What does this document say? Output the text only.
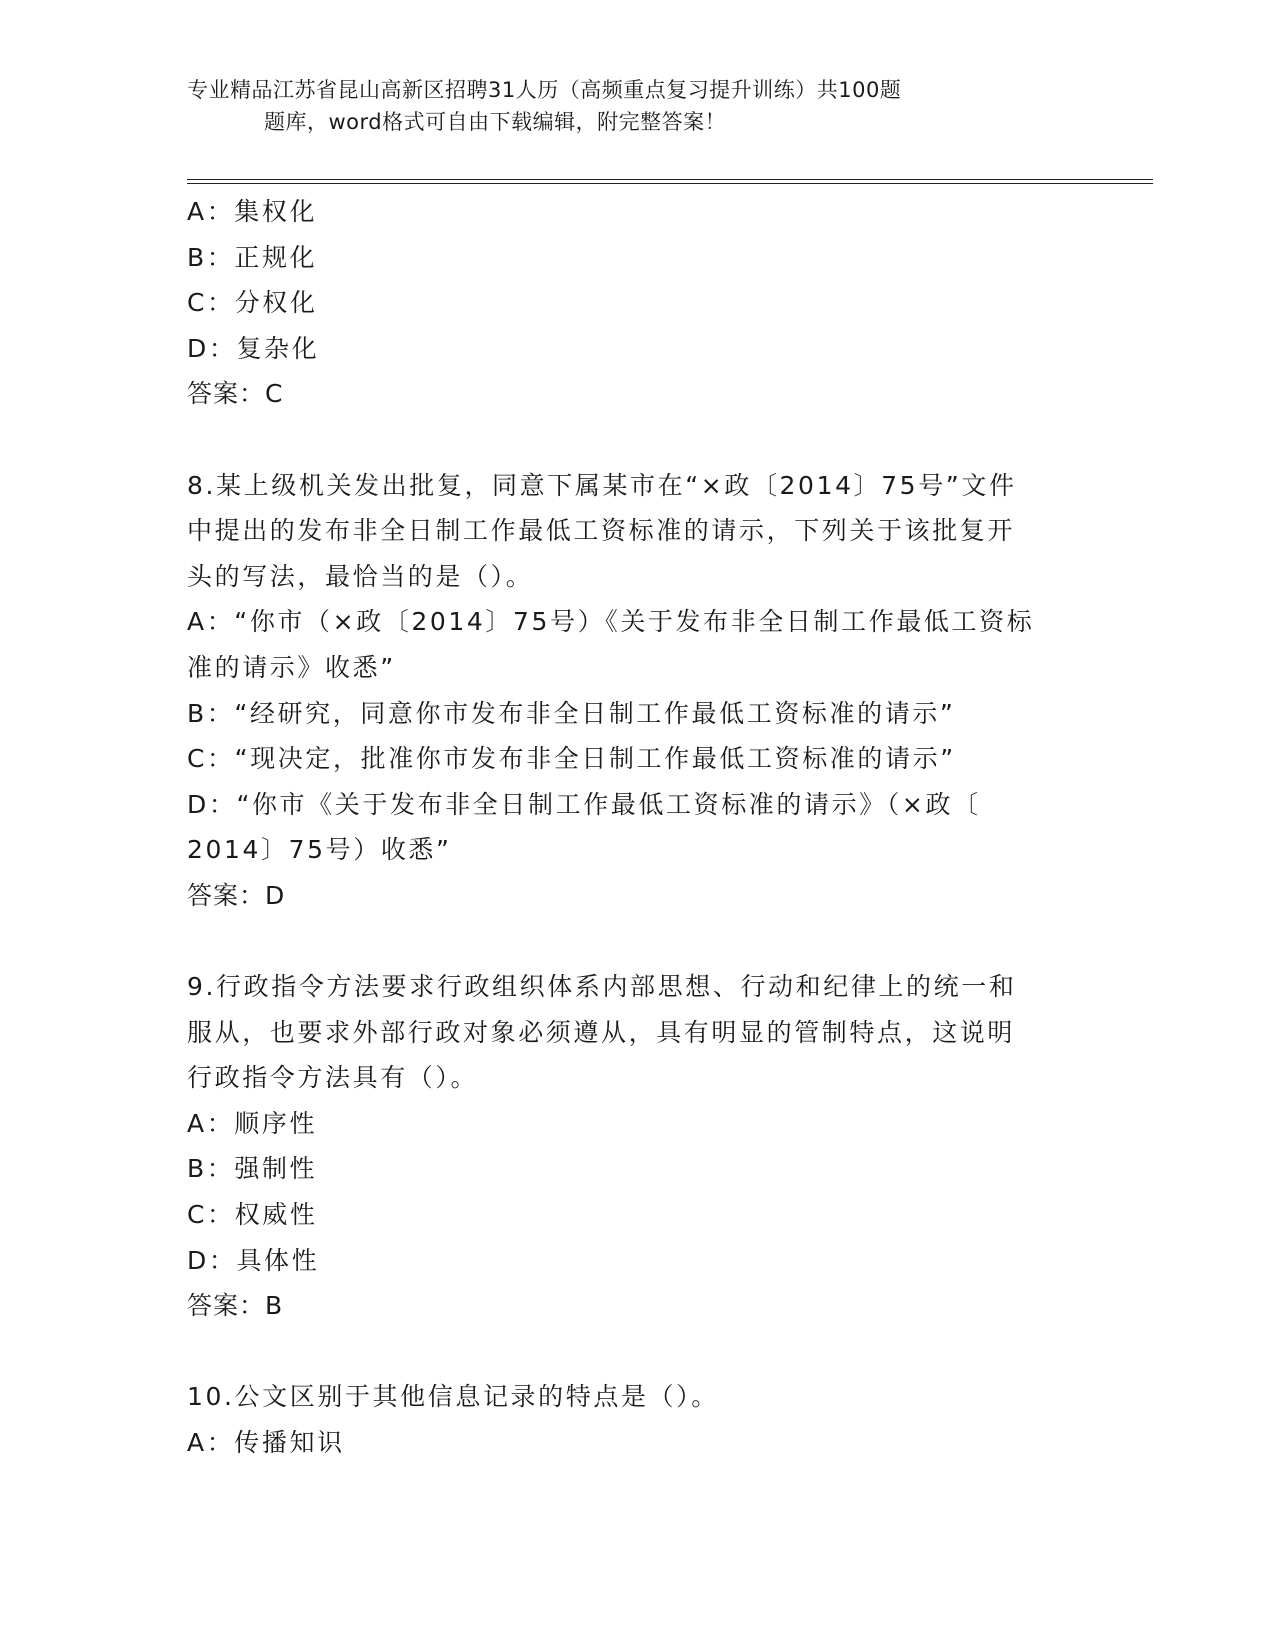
专业精品江苏省昆山高新区招聘31人历（高频重点复习提升训练）共100题
题库，word格式可自由下载编辑，附完整答案！
A：集权化
B：正规化
C：分权化
D：复杂化
答案：C
8.某上级机关发出批复，同意下属某市在“×政〔2014〕75号”文件
中提出的发布非全日制工作最低工资标准的请示，下列关于该批复开
头的写法，最恰当的是（）。
A：“你市（×政〔2014〕75号）《关于发布非全日制工作最低工资标
准的请示》收悉”
B：“经研究，同意你市发布非全日制工作最低工资标准的请示”
C：“现决定，批准你市发布非全日制工作最低工资标准的请示”
D：“你市《关于发布非全日制工作最低工资标准的请示》（×政〔
2014〕75号）收悉”
答案：D
9.行政指令方法要求行政组织体系内部思想、行动和纪律上的统一和
服从，也要求外部行政对象必须遵从，具有明显的管制特点，这说明
行政指令方法具有（）。
A：顺序性
B：强制性
C：权威性
D：具体性
答案：B
10.公文区别于其他信息记录的特点是（）。
A：传播知识
